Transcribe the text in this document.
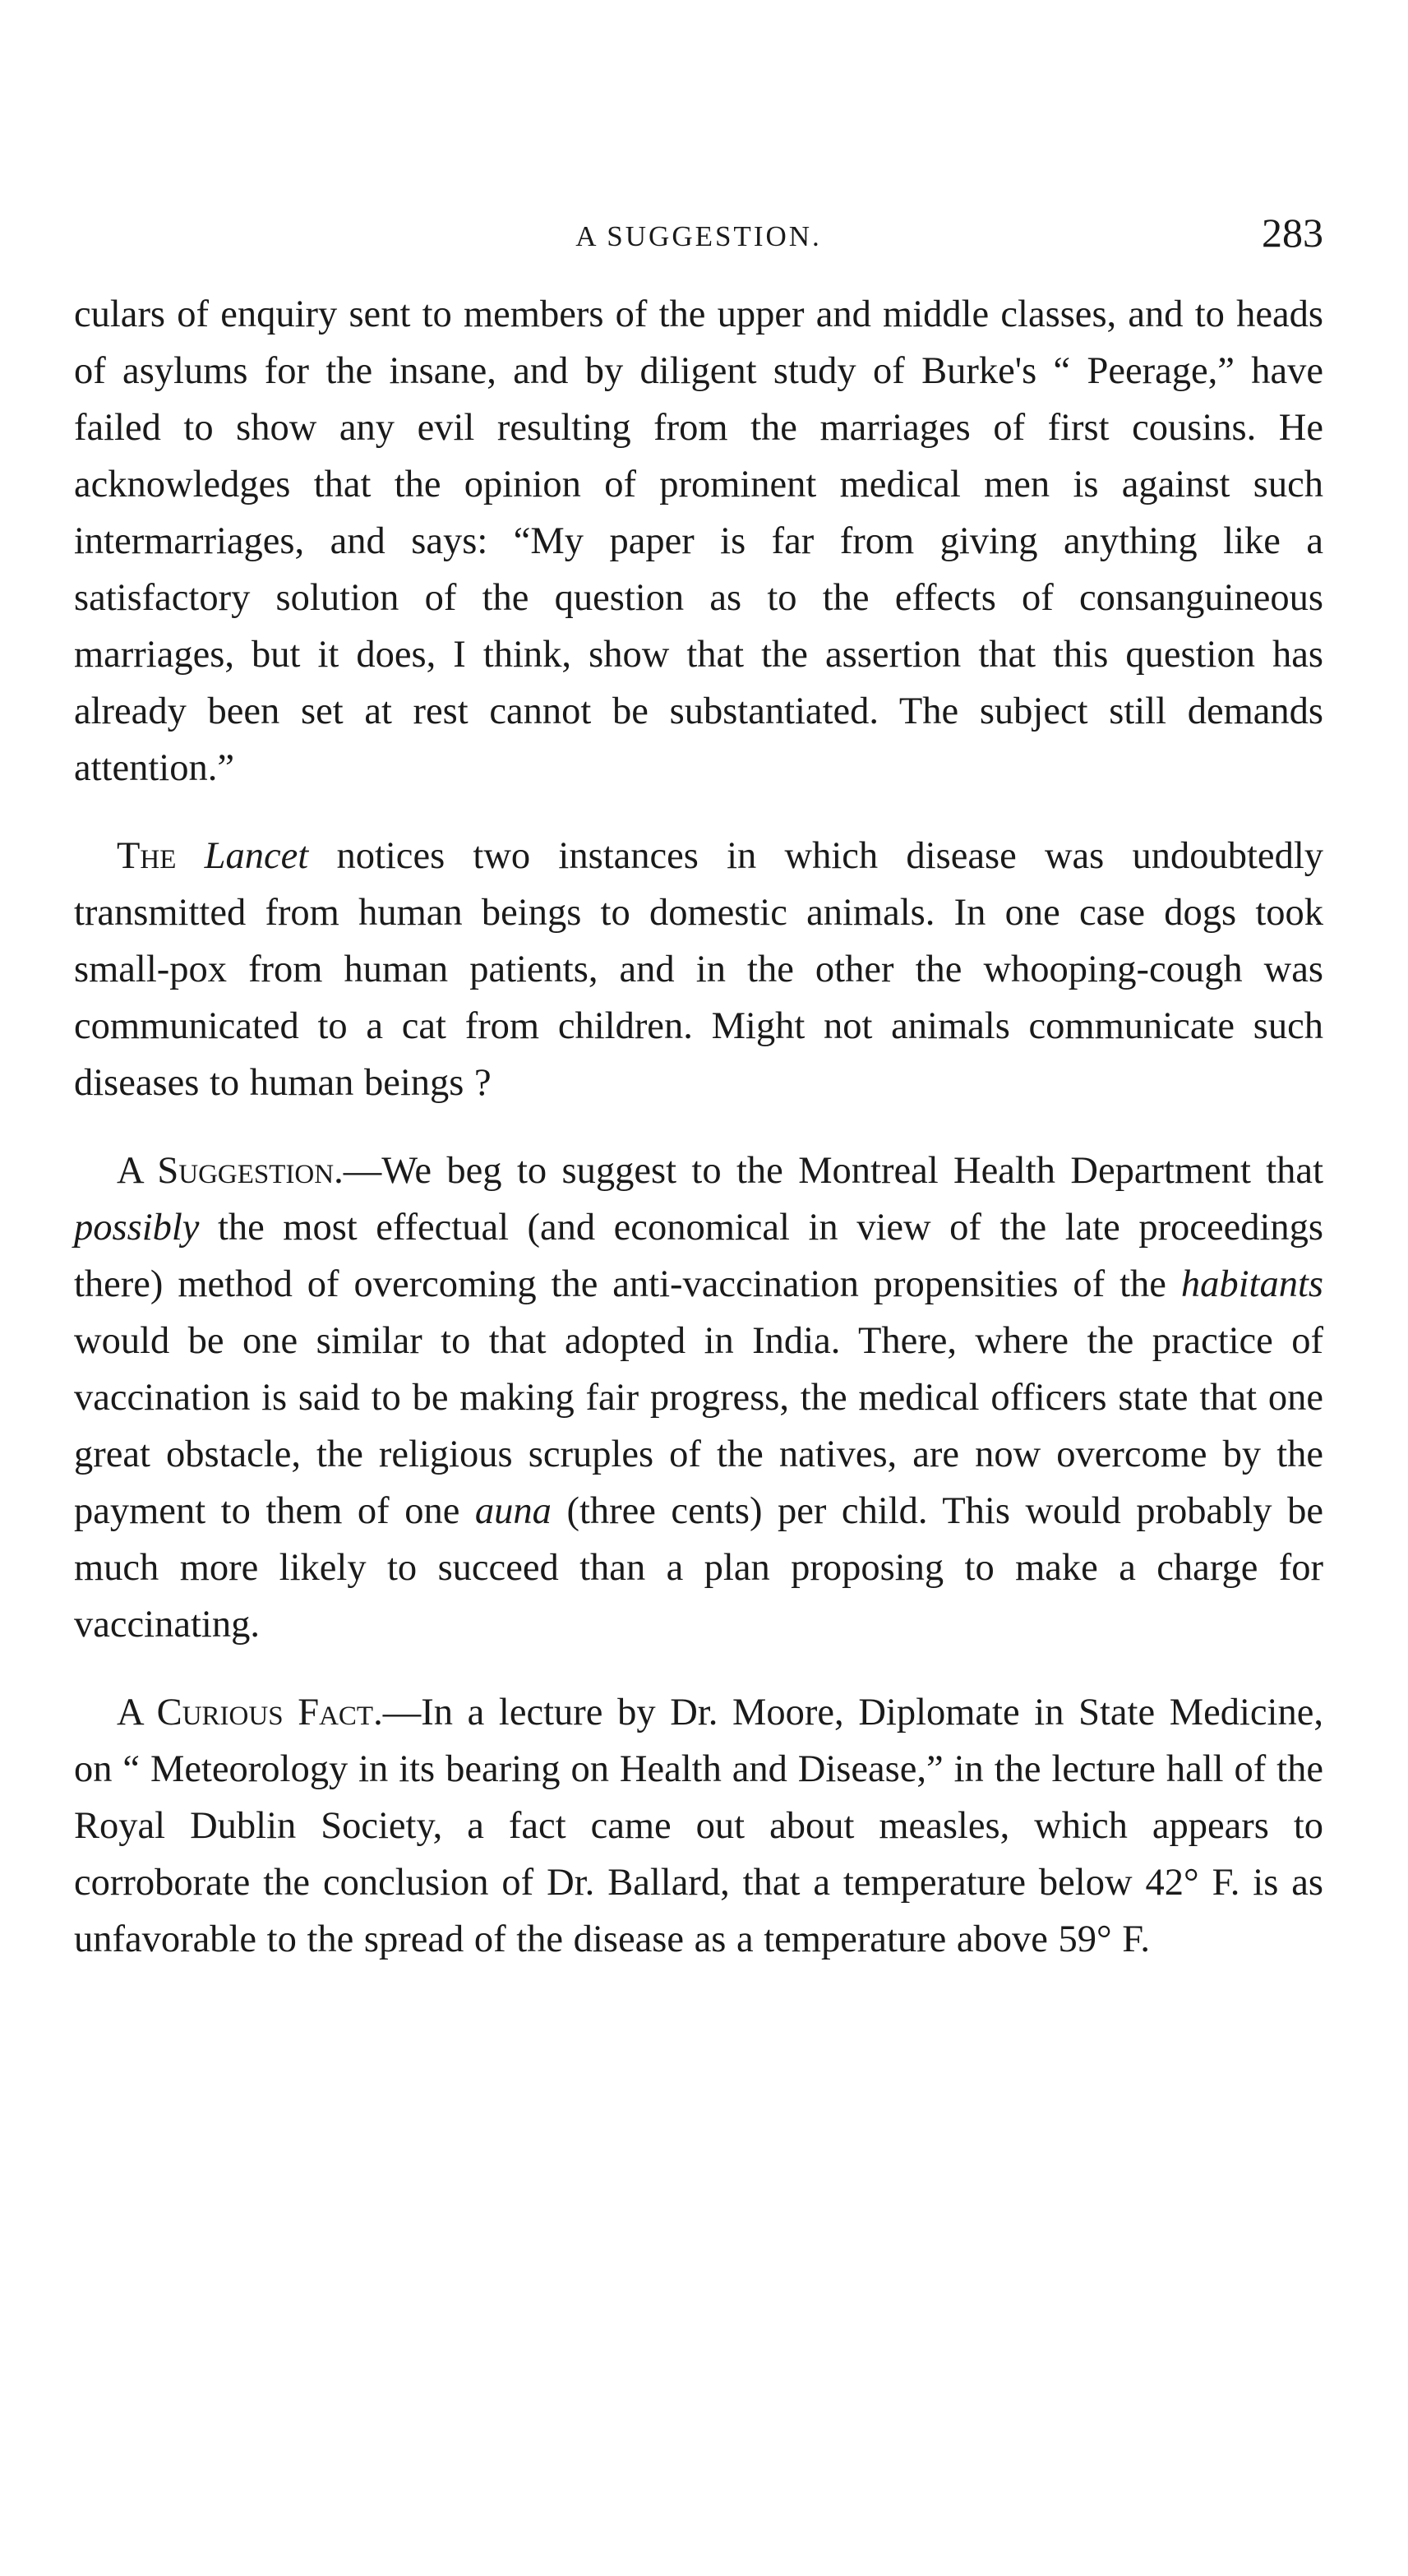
A SUGGESTION.	283

culars of enquiry sent to members of the upper and middle classes, and to heads of asylums for the insane, and by diligent study of Burke's “ Peerage,” have failed to show any evil resulting from the marriages of first cousins. He acknowledges that the opinion of prominent medical men is against such intermarriages, and says: “My paper is far from giving anything like a satisfactory solution of the question as to the effects of consanguineous marriages, but it does, I think, show that the assertion that this question has already been set at rest cannot be substantiated. The subject still demands attention.”

The Lancet notices two instances in which disease was undoubtedly transmitted from human beings to domestic animals. In one case dogs took small-pox from human patients, and in the other the whooping-cough was communicated to a cat from children. Might not animals communicate such diseases to human beings ?

A Suggestion.—We beg to suggest to the Montreal Health Department that possibly the most effectual (and economical in view of the late proceedings there) method of overcoming the anti-vaccination propensities of the habitants would be one similar to that adopted in India. There, where the practice of vaccination is said to be making fair progress, the medical officers state that one great obstacle, the religious scruples of the natives, are now overcome by the payment to them of one auna (three cents) per child. This would probably be much more likely to succeed than a plan proposing to make a charge for vaccinating.

A Curious Fact.—In a lecture by Dr. Moore, Diplomate in State Medicine, on “ Meteorology in its bearing on Health and Disease,” in the lecture hall of the Royal Dublin Society, a fact came out about measles, which appears to corroborate the conclusion of Dr. Ballard, that a temperature below 42° F. is as unfavorable to the spread of the disease as a temperature above 59° F.
